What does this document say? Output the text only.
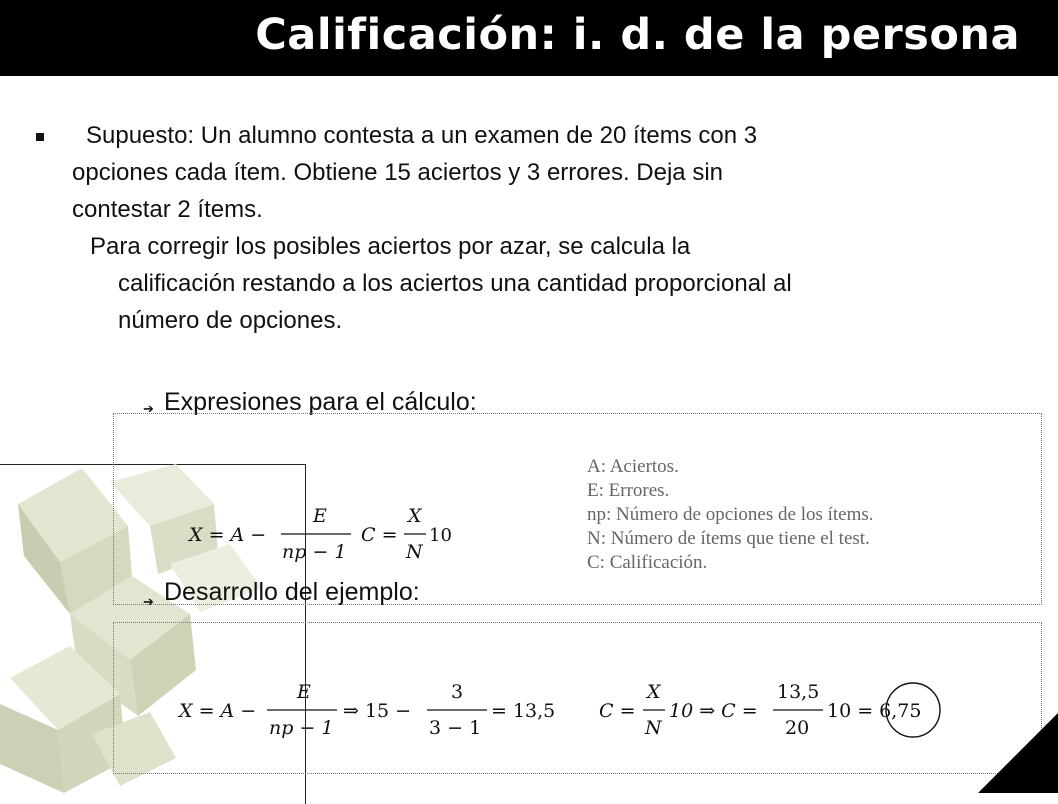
Calificación: i. d. de la persona
Supuesto: Un alumno contesta a un examen de 20 ítems con 3
opciones cada ítem. Obtiene 15 aciertos y 3 errores. Deja sin
contestar 2 ítems.
Para corregir los posibles aciertos por azar, se calcula la
calificación restando a los aciertos una cantidad proporcional al
número de opciones.
➔ Expresiones para el cálculo:
X = A −
E
np − 1
C =
X
N
10
A: Aciertos.
E: Errores.
np: Número de opciones de los ítems.
N: Número de ítems que tiene el test.
C: Calificación.
➔ Desarrollo del ejemplo:
X = A −
E
np − 1
⇒ 15 −
3
3 − 1
= 13,5 C =
X
N
10 ⇒ C =
13,5
20
10 = 6,75
